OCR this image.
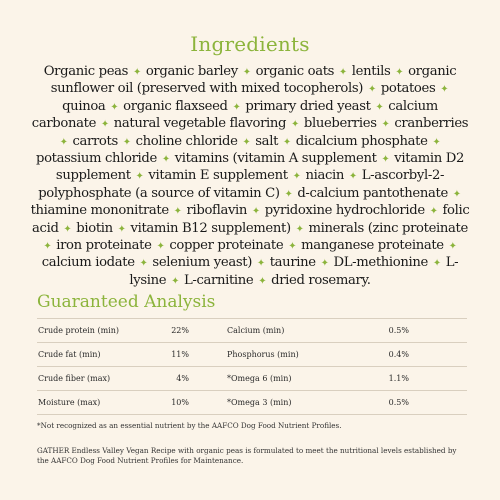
Ingredients
Organic peas ✦ organic barley ✦ organic oats ✦ lentils ✦ organic sunflower oil (preserved with mixed tocopherols) ✦ potatoes ✦ quinoa ✦ organic flaxseed ✦ primary dried yeast ✦ calcium carbonate ✦ natural vegetable flavoring ✦ blueberries ✦ cranberries ✦ carrots ✦ choline chloride ✦ salt ✦ dicalcium phosphate ✦ potassium chloride ✦ vitamins (vitamin A supplement ✦ vitamin D2 supplement ✦ vitamin E supplement ✦ niacin ✦ L-ascorbyl-2-polyphosphate (a source of vitamin C) ✦ d-calcium pantothenate ✦ thiamine mononitrate ✦ riboflavin ✦ pyridoxine hydrochloride ✦ folic acid ✦ biotin ✦ vitamin B12 supplement) ✦ minerals (zinc proteinate ✦ iron proteinate ✦ copper proteinate ✦ manganese proteinate ✦ calcium iodate ✦ selenium yeast) ✦ taurine ✦ DL-methionine ✦ L-lysine ✦ L-carnitine ✦ dried rosemary.
Guaranteed Analysis
Crude protein (min)	22%	Calcium (min)	0.5%
Crude fat (min)	11%	Phosphorus (min)	0.4%
Crude fiber (max)	4%	*Omega 6 (min)	1.1%
Moisture (max)	10%	*Omega 3 (min)	0.5%
*Not recognized as an essential nutrient by the AAFCO Dog Food Nutrient Profiles.
GATHER Endless Valley Vegan Recipe with organic peas is formulated to meet the nutritional levels established by the AAFCO Dog Food Nutrient Profiles for Maintenance.
